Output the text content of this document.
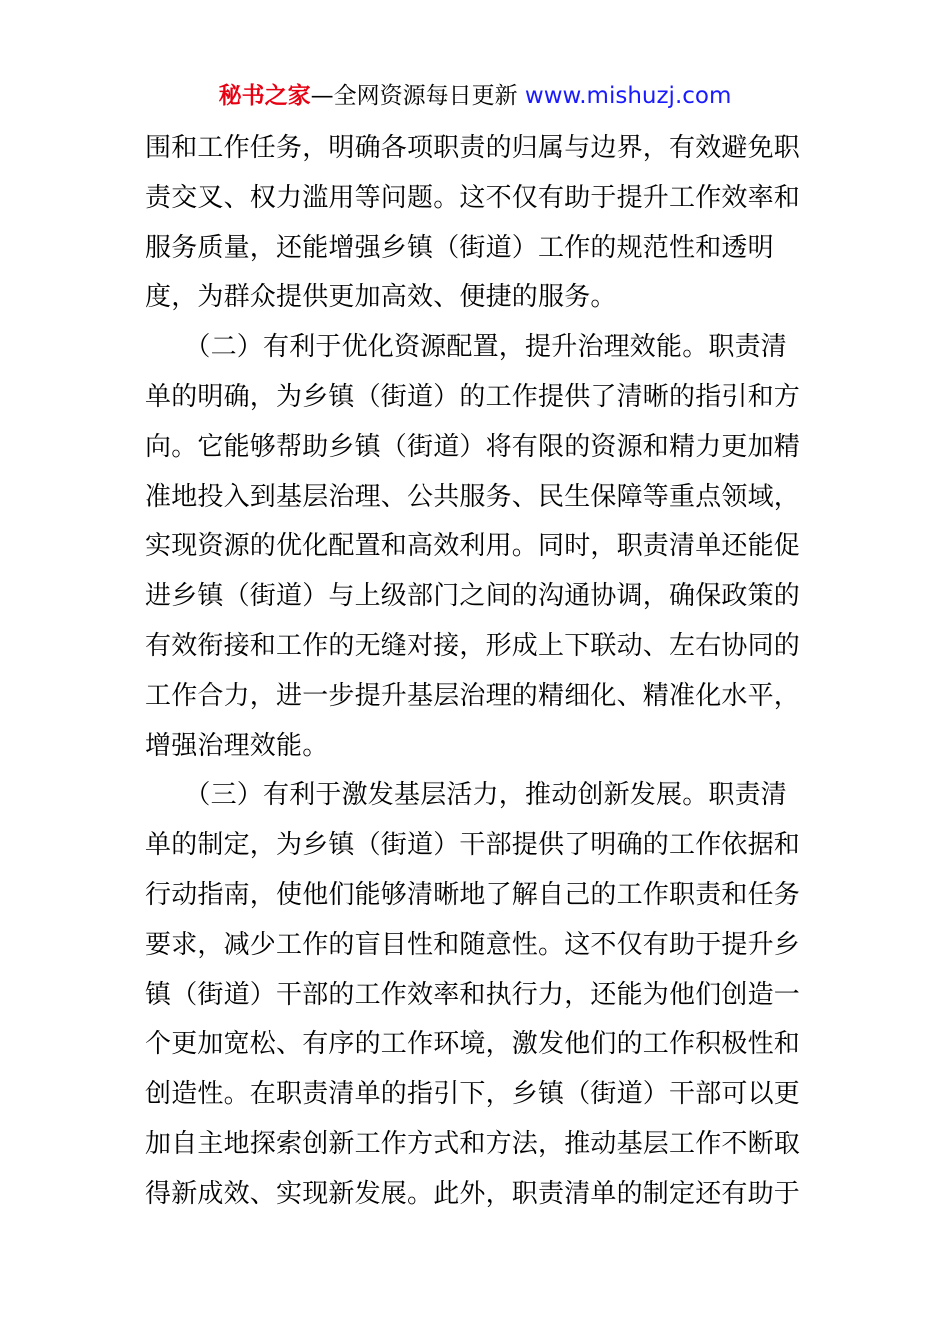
秘书之家—全网资源每日更新 www.mishuzj.com
围和工作任务，明确各项职责的归属与边界，有效避免职
责交叉、权力滥用等问题。这不仅有助于提升工作效率和
服务质量，还能增强乡镇（街道）工作的规范性和透明
度，为群众提供更加高效、便捷的服务。
　　（二）有利于优化资源配置，提升治理效能。职责清
单的明确，为乡镇（街道）的工作提供了清晰的指引和方
向。它能够帮助乡镇（街道）将有限的资源和精力更加精
准地投入到基层治理、公共服务、民生保障等重点领域，
实现资源的优化配置和高效利用。同时，职责清单还能促
进乡镇（街道）与上级部门之间的沟通协调，确保政策的
有效衔接和工作的无缝对接，形成上下联动、左右协同的
工作合力，进一步提升基层治理的精细化、精准化水平，
增强治理效能。
　　（三）有利于激发基层活力，推动创新发展。职责清
单的制定，为乡镇（街道）干部提供了明确的工作依据和
行动指南，使他们能够清晰地了解自己的工作职责和任务
要求，减少工作的盲目性和随意性。这不仅有助于提升乡
镇（街道）干部的工作效率和执行力，还能为他们创造一
个更加宽松、有序的工作环境，激发他们的工作积极性和
创造性。在职责清单的指引下，乡镇（街道）干部可以更
加自主地探索创新工作方式和方法，推动基层工作不断取
得新成效、实现新发展。此外，职责清单的制定还有助于
